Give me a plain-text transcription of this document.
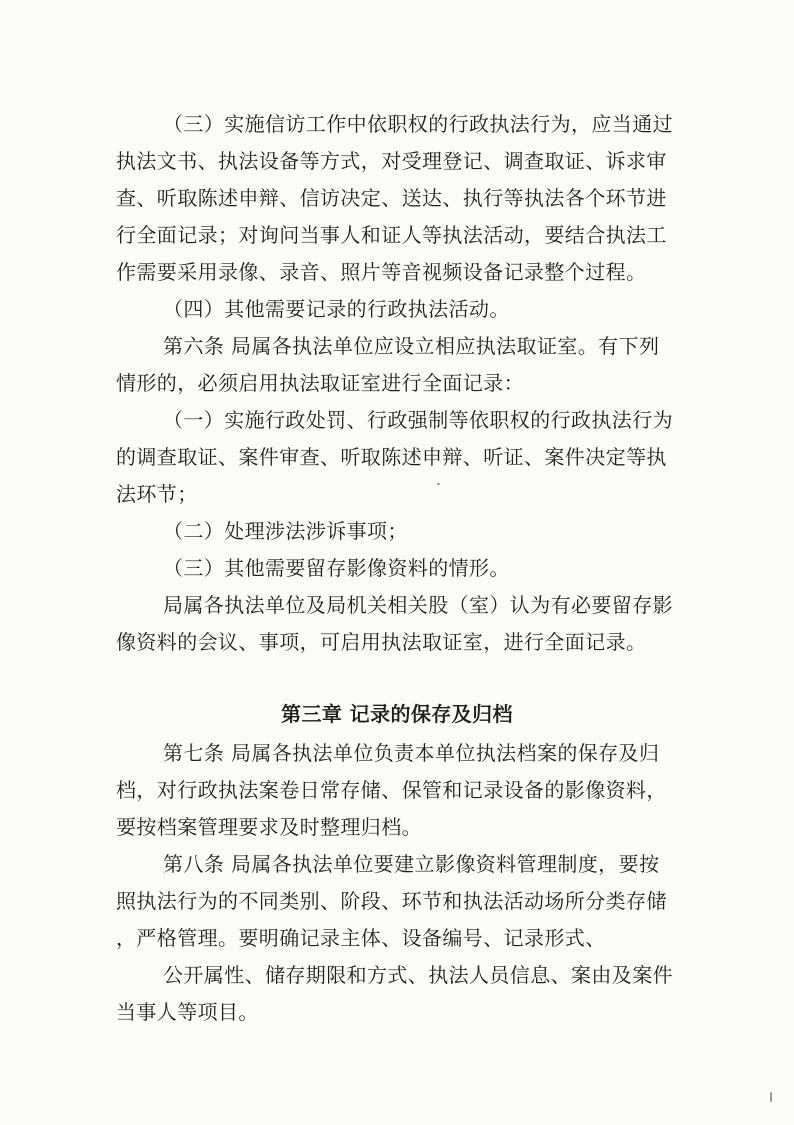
（三）实施信访工作中依职权的行政执法行为，应当通过

执法文书、执法设备等方式，对受理登记、调查取证、诉求审

查、听取陈述申辩、信访决定、送达、执行等执法各个环节进

行全面记录；对询问当事人和证人等执法活动，要结合执法工

作需要采用录像、录音、照片等音视频设备记录整个过程。

（四）其他需要记录的行政执法活动。

第六条 局属各执法单位应设立相应执法取证室。有下列

情形的，必须启用执法取证室进行全面记录：

（一）实施行政处罚、行政强制等依职权的行政执法行为

的调查取证、案件审查、听取陈述申辩、听证、案件决定等执

法环节；

（二）处理涉法涉诉事项；

（三）其他需要留存影像资料的情形。

局属各执法单位及局机关相关股（室）认为有必要留存影

像资料的会议、事项，可启用执法取证室，进行全面记录。

第三章 记录的保存及归档

第七条 局属各执法单位负责本单位执法档案的保存及归

档，对行政执法案卷日常存储、保管和记录设备的影像资料，

要按档案管理要求及时整理归档。

第八条 局属各执法单位要建立影像资料管理制度，要按

照执法行为的不同类别、阶段、环节和执法活动场所分类存储

，严格管理。要明确记录主体、设备编号、记录形式、

公开属性、储存期限和方式、执法人员信息、案由及案件

当事人等项目。
